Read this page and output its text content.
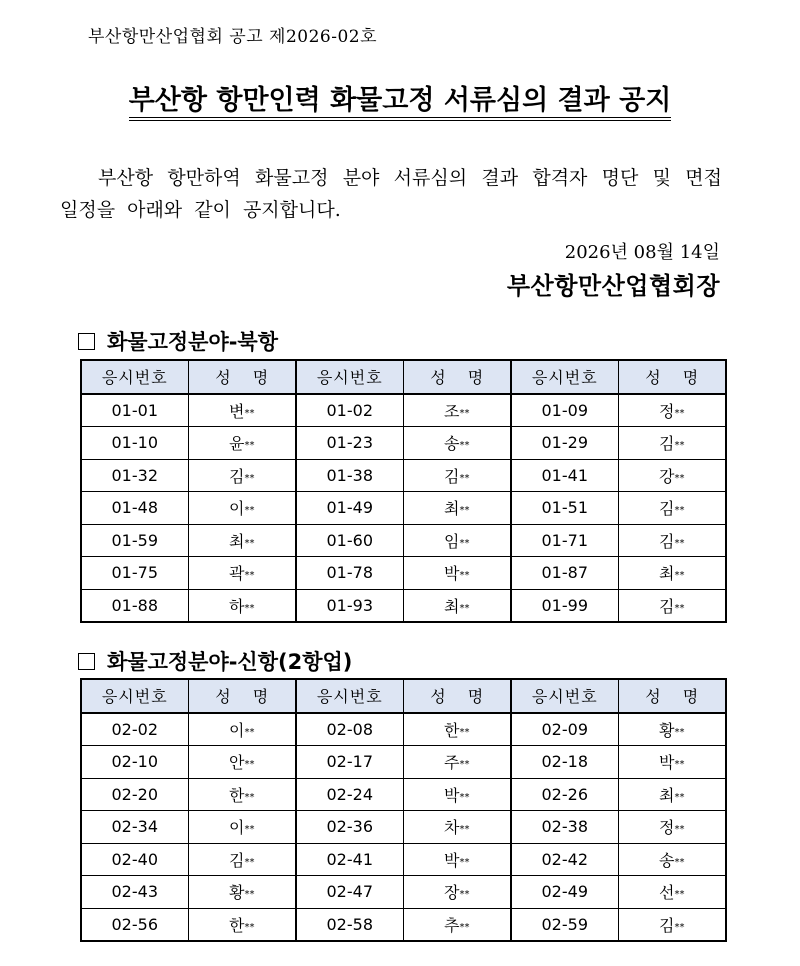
부산항만산업협회 공고 제2026-02호
부산항 항만인력 화물고정 서류심의 결과 공지
부산항 항만하역 화물고정 분야 서류심의 결과 합격자 명단 및 면접 일정을 아래와 같이 공지합니다.
2026년 08월 14일
부산항만산업협회장
화물고정분야-북항
응시번호	성명	응시번호	성명	응시번호	성명
01-01	변**	01-02	조**	01-09	정**
01-10	윤**	01-23	송**	01-29	김**
01-32	김**	01-38	김**	01-41	강**
01-48	이**	01-49	최**	01-51	김**
01-59	최**	01-60	임**	01-71	김**
01-75	곽**	01-78	박**	01-87	최**
01-88	하**	01-93	최**	01-99	김**
화물고정분야-신항(2항업)
응시번호	성명	응시번호	성명	응시번호	성명
02-02	이**	02-08	한**	02-09	황**
02-10	안**	02-17	주**	02-18	박**
02-20	한**	02-24	박**	02-26	최**
02-34	이**	02-36	차**	02-38	정**
02-40	김**	02-41	박**	02-42	송**
02-43	황**	02-47	장**	02-49	선**
02-56	한**	02-58	추**	02-59	김**
